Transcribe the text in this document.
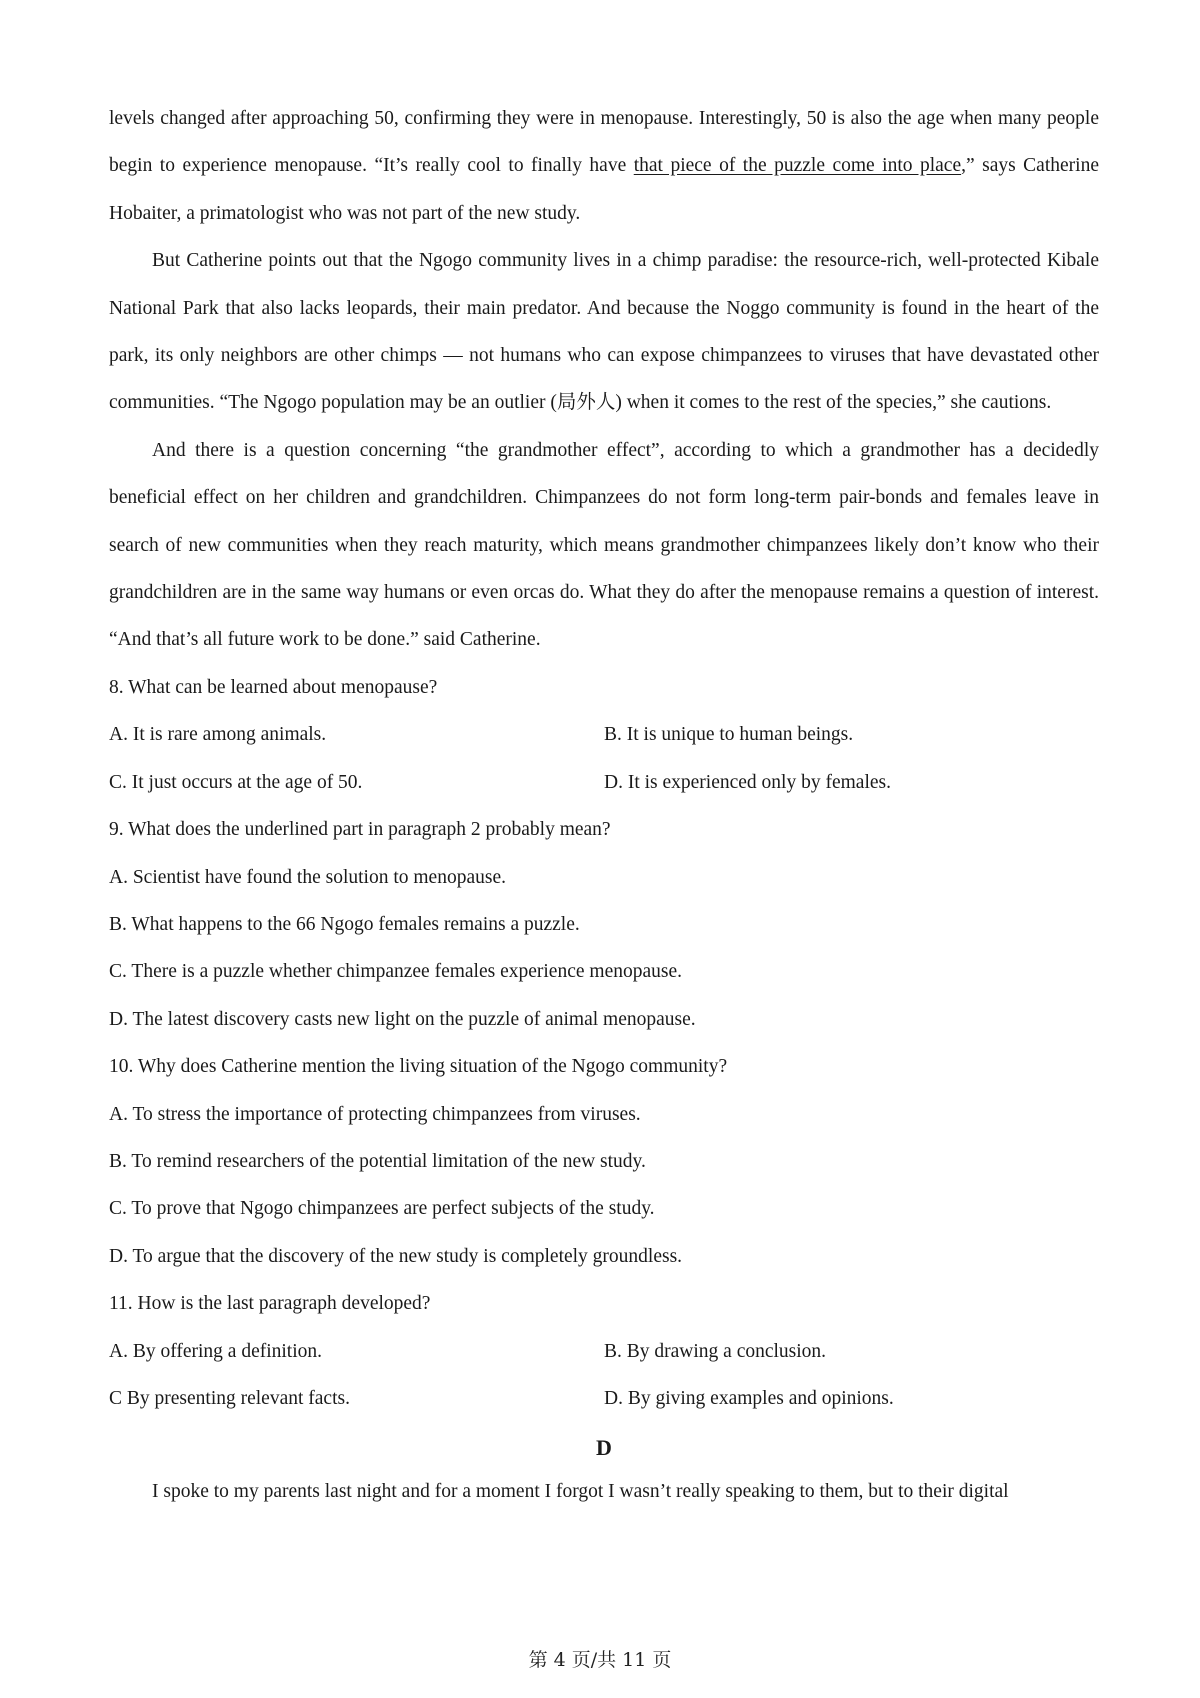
levels changed after approaching 50, confirming they were in menopause. Interestingly, 50 is also the age when many people begin to experience menopause. “It’s really cool to finally have that piece of the puzzle come into place,” says Catherine Hobaiter, a primatologist who was not part of the new study.

But Catherine points out that the Ngogo community lives in a chimp paradise: the resource-rich, well-protected Kibale National Park that also lacks leopards, their main predator. And because the Noggo community is found in the heart of the park, its only neighbors are other chimps — not humans who can expose chimpanzees to viruses that have devastated other communities. “The Ngogo population may be an outlier (局外人) when it comes to the rest of the species,” she cautions.

And there is a question concerning “the grandmother effect”, according to which a grandmother has a decidedly beneficial effect on her children and grandchildren. Chimpanzees do not form long-term pair-bonds and females leave in search of new communities when they reach maturity, which means grandmother chimpanzees likely don’t know who their grandchildren are in the same way humans or even orcas do. What they do after the menopause remains a question of interest. “And that’s all future work to be done.” said Catherine.

8. What can be learned about menopause?

A. It is rare among animals.	B. It is unique to human beings.
C. It just occurs at the age of 50.	D. It is experienced only by females.

9. What does the underlined part in paragraph 2 probably mean?

A. Scientist have found the solution to menopause.
B. What happens to the 66 Ngogo females remains a puzzle.
C. There is a puzzle whether chimpanzee females experience menopause.
D. The latest discovery casts new light on the puzzle of animal menopause.

10. Why does Catherine mention the living situation of the Ngogo community?

A. To stress the importance of protecting chimpanzees from viruses.
B. To remind researchers of the potential limitation of the new study.
C. To prove that Ngogo chimpanzees are perfect subjects of the study.
D. To argue that the discovery of the new study is completely groundless.

11. How is the last paragraph developed?

A. By offering a definition.	B. By drawing a conclusion.
C By presenting relevant facts.	D. By giving examples and opinions.
D

I spoke to my parents last night and for a moment I forgot I wasn’t really speaking to them, but to their digital

第 4 页/共 11 页
